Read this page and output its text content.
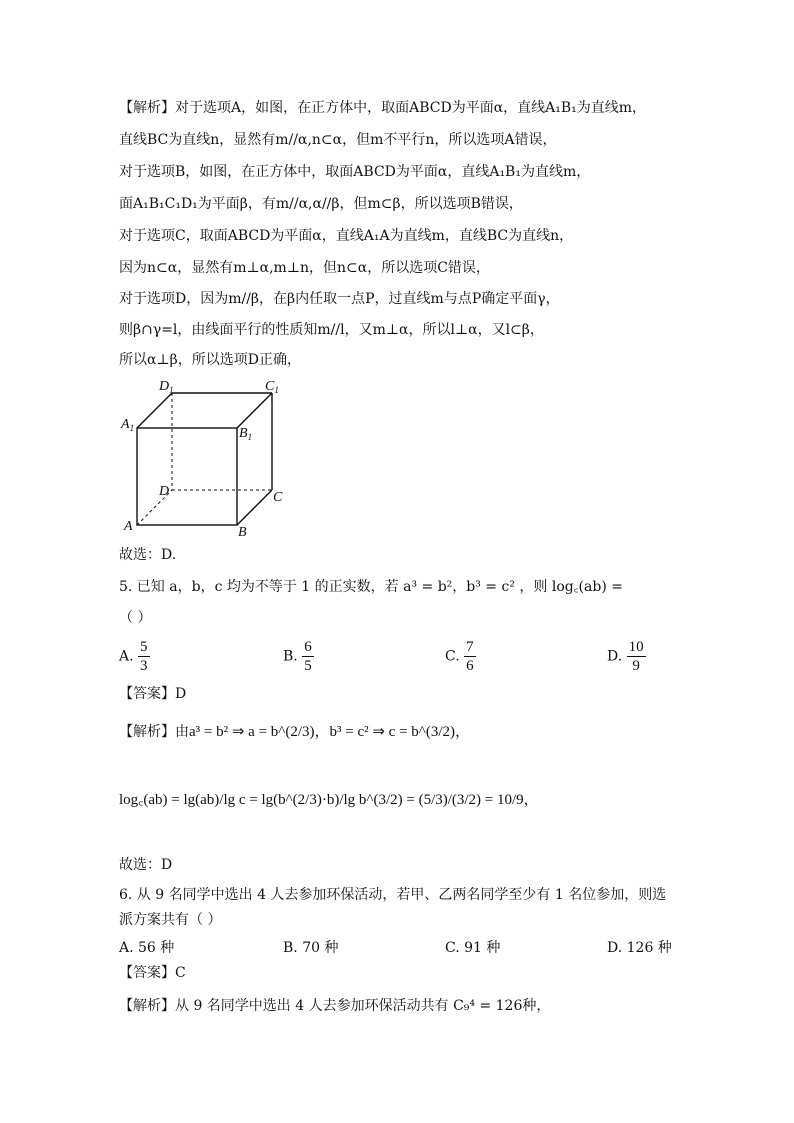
【解析】对于选项A，如图，在正方体中，取面ABCD为平面α，直线A₁B₁为直线m，
直线BC为直线n，显然有m//α,n⊂α，但m不平行n，所以选项A错误，
对于选项B，如图，在正方体中，取面ABCD为平面α，直线A₁B₁为直线m，
面A₁B₁C₁D₁为平面β，有m//α,α//β，但m⊂β，所以选项B错误，
对于选项C，取面ABCD为平面α，直线A₁A为直线m，直线BC为直线n，
因为n⊂α，显然有m⊥α,m⊥n，但n⊂α，所以选项C错误，
对于选项D，因为m//β，在β内任取一点P，过直线m与点P确定平面γ，
则β∩γ=l，由线面平行的性质知m//l，又m⊥α，所以l⊥α，又l⊂β，
所以α⊥β，所以选项D正确，
$D_1$	$C_1$
$A_1$	$B_1$
D	C
A	B
故选：D.
5. 已知 a，b，c 均为不等于 1 的正实数，若 a³ = b²，b³ = c² ，则 log꜀(ab) =
（ ）
A. $\frac{5}{3}$	B. $\frac{6}{5}$	C. $\frac{7}{6}$	D. $\frac{10}{9}$
【答案】D
【解析】由a³ = b² ⇒ a = b^(2/3)，b³ = c² ⇒ c = b^(3/2)，
log꜀(ab) = lg(ab)/lg c = lg(b^(2/3)·b)/lg b^(3/2) = (5/3)/(3/2) = 10/9，
故选：D
6. 从 9 名同学中选出 4 人去参加环保活动，若甲、乙两名同学至少有 1 名位参加，则选
派方案共有（ ）
A. 56 种	B. 70 种	C. 91 种	D. 126 种
【答案】C
【解析】从 9 名同学中选出 4 人去参加环保活动共有 C₉⁴ = 126种，
